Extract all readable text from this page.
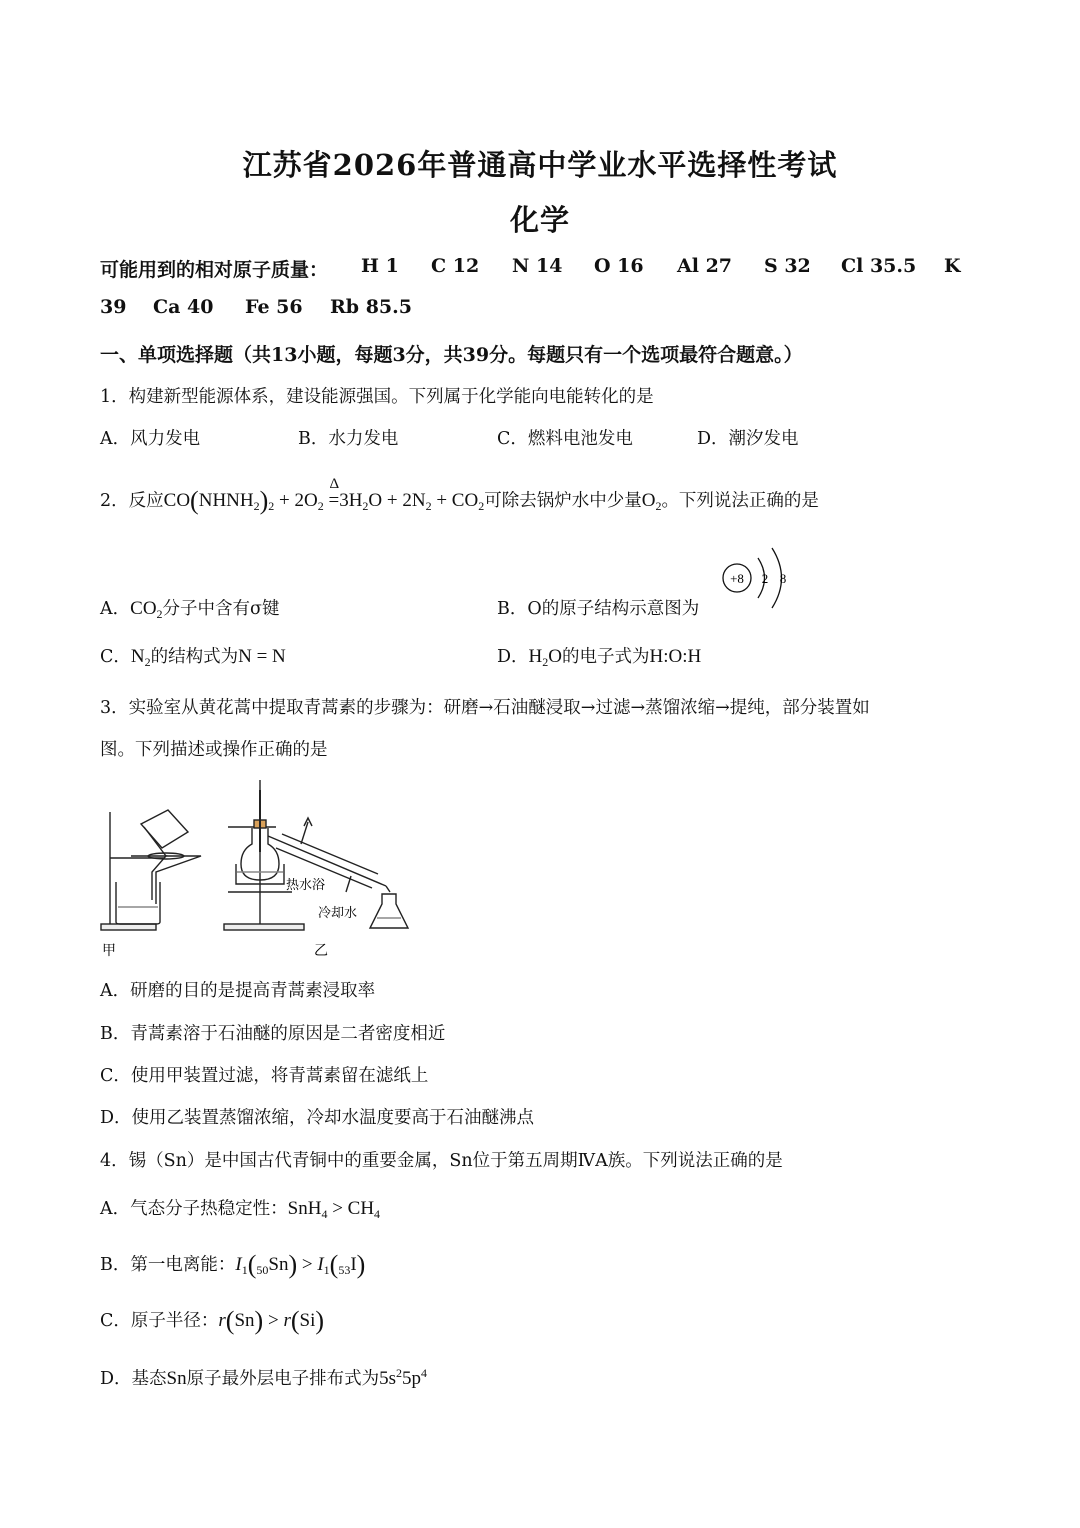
江苏省2026年普通高中学业水平选择性考试
化学
可能用到的相对原子质量： H 1 C 12 N 14 O 16 Al 27 S 32 Cl 35.5 K
39 Ca 40 Fe 56 Rb 85.5
一、单项选择题（共13小题，每题3分，共39分。每题只有一个选项最符合题意。）
1．构建新型能源体系，建设能源强国。下列属于化学能向电能转化的是
A．风力发电	B．水力发电	C．燃料电池发电	D．潮汐发电
2．反应$CO(NHNH_2)_2 + 2O_2$
Δ
$=3H_2O + 2N_2 + CO_2$可除去锅炉水中少量$O_2$。下列说法正确的是
A．$CO_2$分子中含有σ键	B．O的原子结构示意图为
+8 2 8
C．$N_2$的结构式为N = N	D．$H_2O$的电子式为H:O:H
3．实验室从黄花蒿中提取青蒿素的步骤为：研磨→石油醚浸取→过滤→蒸馏浓缩→提纯，部分装置如
图。下列描述或操作正确的是
甲	乙
热水浴
冷却水
A．研磨的目的是提高青蒿素浸取率
B．青蒿素溶于石油醚的原因是二者密度相近
C．使用甲装置过滤，将青蒿素留在滤纸上
D．使用乙装置蒸馏浓缩，冷却水温度要高于石油醚沸点
4．锡（Sn）是中国古代青铜中的重要金属，Sn位于第五周期ⅣA族。下列说法正确的是
A．气态分子热稳定性：$SnH_4 > CH_4$
B．第一电离能：$I_1(_{50}Sn) > I_1(_{53}I)$
C．原子半径：r(Sn) > r(Si)
D．基态Sn原子最外层电子排布式为$5s^25p^4$
